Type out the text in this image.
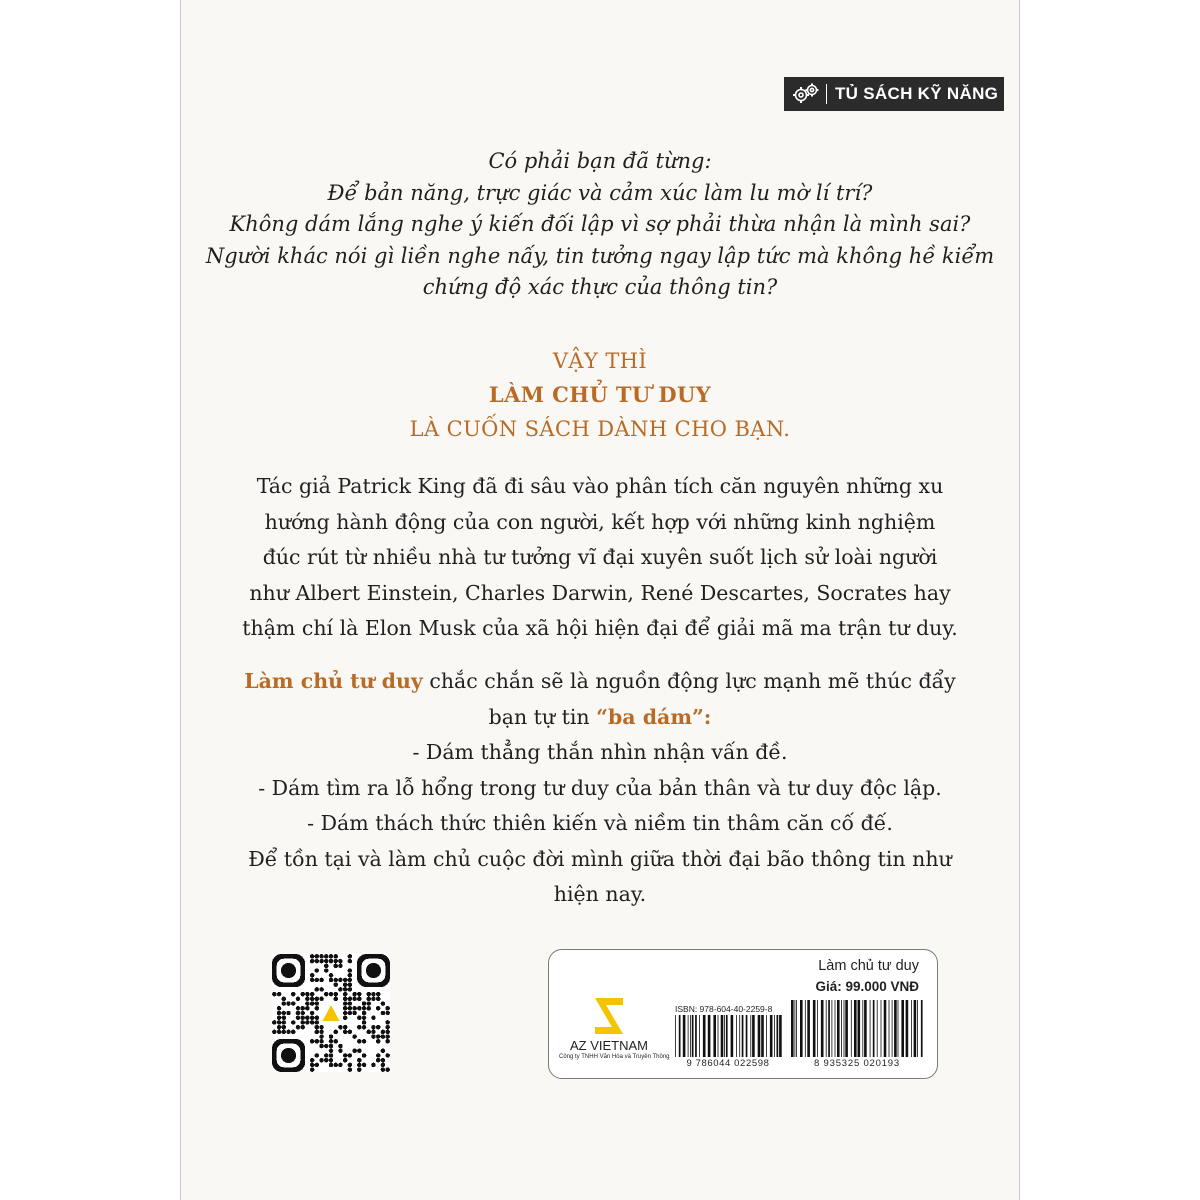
TỦ SÁCH KỸ NĂNG
Có phải bạn đã từng:
Để bản năng, trực giác và cảm xúc làm lu mờ lí trí?
Không dám lắng nghe ý kiến đối lập vì sợ phải thừa nhận là mình sai?
Người khác nói gì liền nghe nấy, tin tưởng ngay lập tức mà không hề kiểm
chứng độ xác thực của thông tin?
VẬY THÌ
LÀM CHỦ TƯ DUY
LÀ CUỐN SÁCH DÀNH CHO BẠN.
Tác giả Patrick King đã đi sâu vào phân tích căn nguyên những xu
hướng hành động của con người, kết hợp với những kinh nghiệm
đúc rút từ nhiều nhà tư tưởng vĩ đại xuyên suốt lịch sử loài người
như Albert Einstein, Charles Darwin, René Descartes, Socrates hay
thậm chí là Elon Musk của xã hội hiện đại để giải mã ma trận tư duy.
Làm chủ tư duy chắc chắn sẽ là nguồn động lực mạnh mẽ thúc đẩy
bạn tự tin “ba dám”:
- Dám thẳng thắn nhìn nhận vấn đề.
- Dám tìm ra lỗ hổng trong tư duy của bản thân và tư duy độc lập.
- Dám thách thức thiên kiến và niềm tin thâm căn cố đế.
Để tồn tại và làm chủ cuộc đời mình giữa thời đại bão thông tin như
hiện nay.
Làm chủ tư duy
Giá: 99.000 VNĐ
AZ VIETNAM
Công ty TNHH Văn Hóa và Truyền Thông
ISBN: 978-604-40-2259-8
9 786044 022598	8 935325 020193
